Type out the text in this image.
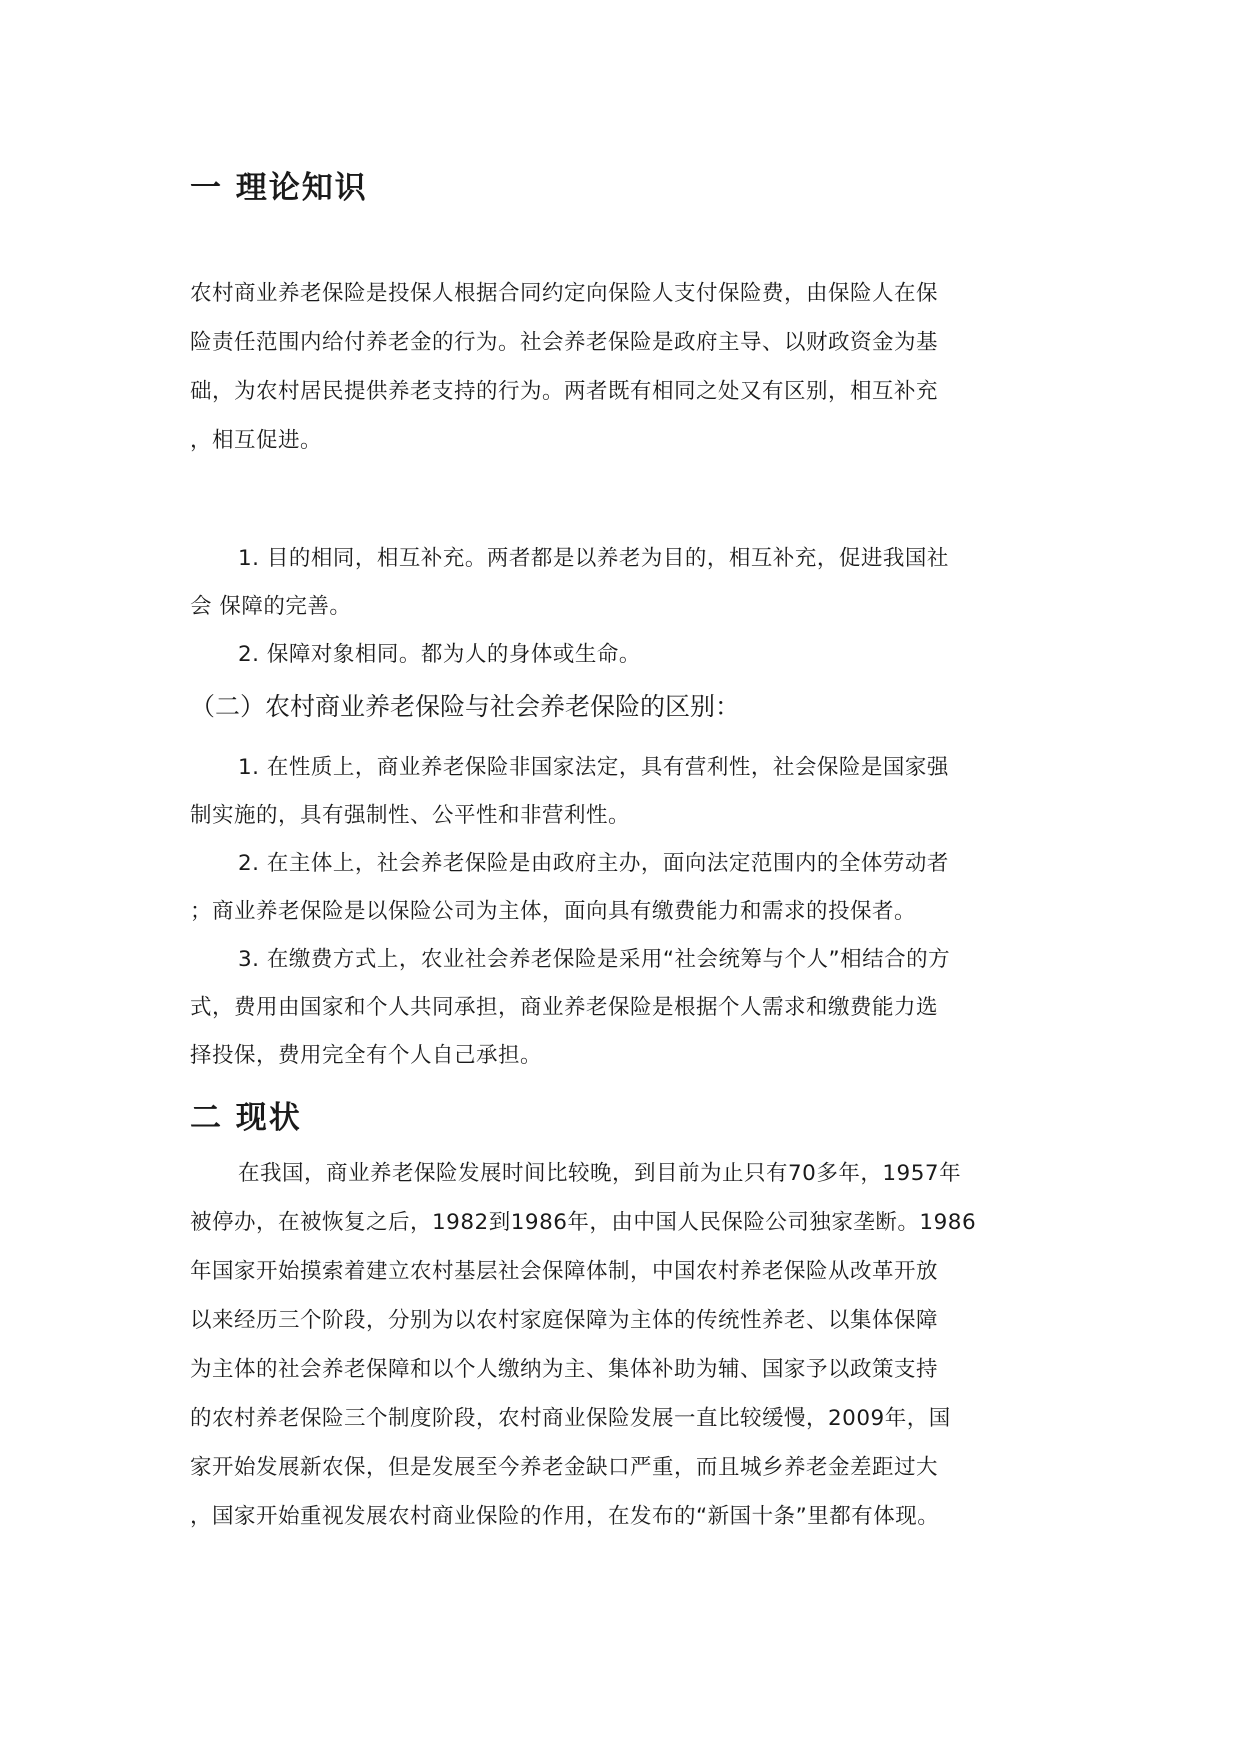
一 理论知识
农村商业养老保险是投保人根据合同约定向保险人支付保险费，由保险人在保
险责任范围内给付养老金的行为。社会养老保险是政府主导、以财政资金为基
础，为农村居民提供养老支持的行为。两者既有相同之处又有区别，相互补充
，相互促进。
1. 目的相同，相互补充。两者都是以养老为目的，相互补充，促进我国社
会 保障的完善。
2. 保障对象相同。都为人的身体或生命。
（二）农村商业养老保险与社会养老保险的区别：
1. 在性质上，商业养老保险非国家法定，具有营利性，社会保险是国家强
制实施的，具有强制性、公平性和非营利性。
2. 在主体上，社会养老保险是由政府主办，面向法定范围内的全体劳动者
；商业养老保险是以保险公司为主体，面向具有缴费能力和需求的投保者。
3. 在缴费方式上，农业社会养老保险是采用“社会统筹与个人”相结合的方
式，费用由国家和个人共同承担，商业养老保险是根据个人需求和缴费能力选
择投保，费用完全有个人自己承担。
二 现状
在我国，商业养老保险发展时间比较晚，到目前为止只有70多年，1957年
被停办，在被恢复之后，1982到1986年，由中国人民保险公司独家垄断。1986
年国家开始摸索着建立农村基层社会保障体制，中国农村养老保险从改革开放
以来经历三个阶段，分别为以农村家庭保障为主体的传统性养老、以集体保障
为主体的社会养老保障和以个人缴纳为主、集体补助为辅、国家予以政策支持
的农村养老保险三个制度阶段，农村商业保险发展一直比较缓慢，2009年，国
家开始发展新农保，但是发展至今养老金缺口严重，而且城乡养老金差距过大
，国家开始重视发展农村商业保险的作用，在发布的“新国十条”里都有体现。
